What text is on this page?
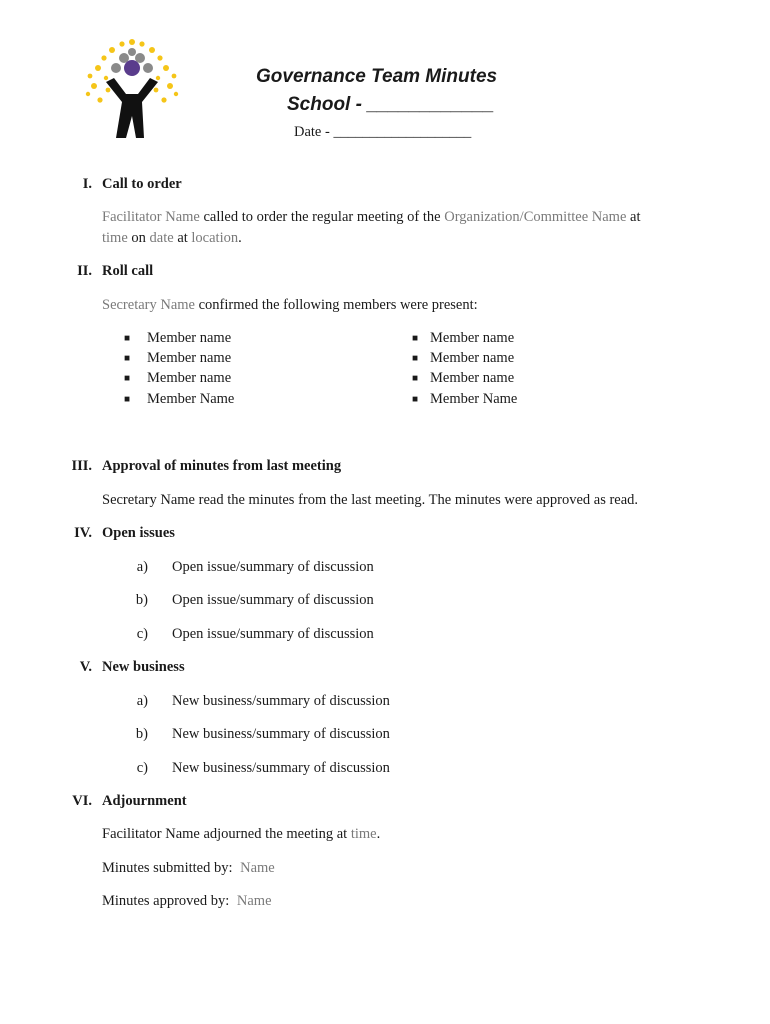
Governance Team Minutes
School - ____________
Date - ___________________
I. Call to order
Facilitator Name called to order the regular meeting of the Organization/Committee Name at
time on date at location.
II. Roll call
Secretary Name confirmed the following members were present:
■ Member name
■ Member name
■ Member name
■ Member Name
■ Member name
■ Member name
■ Member name
■ Member Name
III. Approval of minutes from last meeting
Secretary Name read the minutes from the last meeting. The minutes were approved as read.
IV. Open issues
a) Open issue/summary of discussion
b) Open issue/summary of discussion
c) Open issue/summary of discussion
V. New business
a) New business/summary of discussion
b) New business/summary of discussion
c) New business/summary of discussion
VI. Adjournment
Facilitator Name adjourned the meeting at time.
Minutes submitted by: Name
Minutes approved by: Name
